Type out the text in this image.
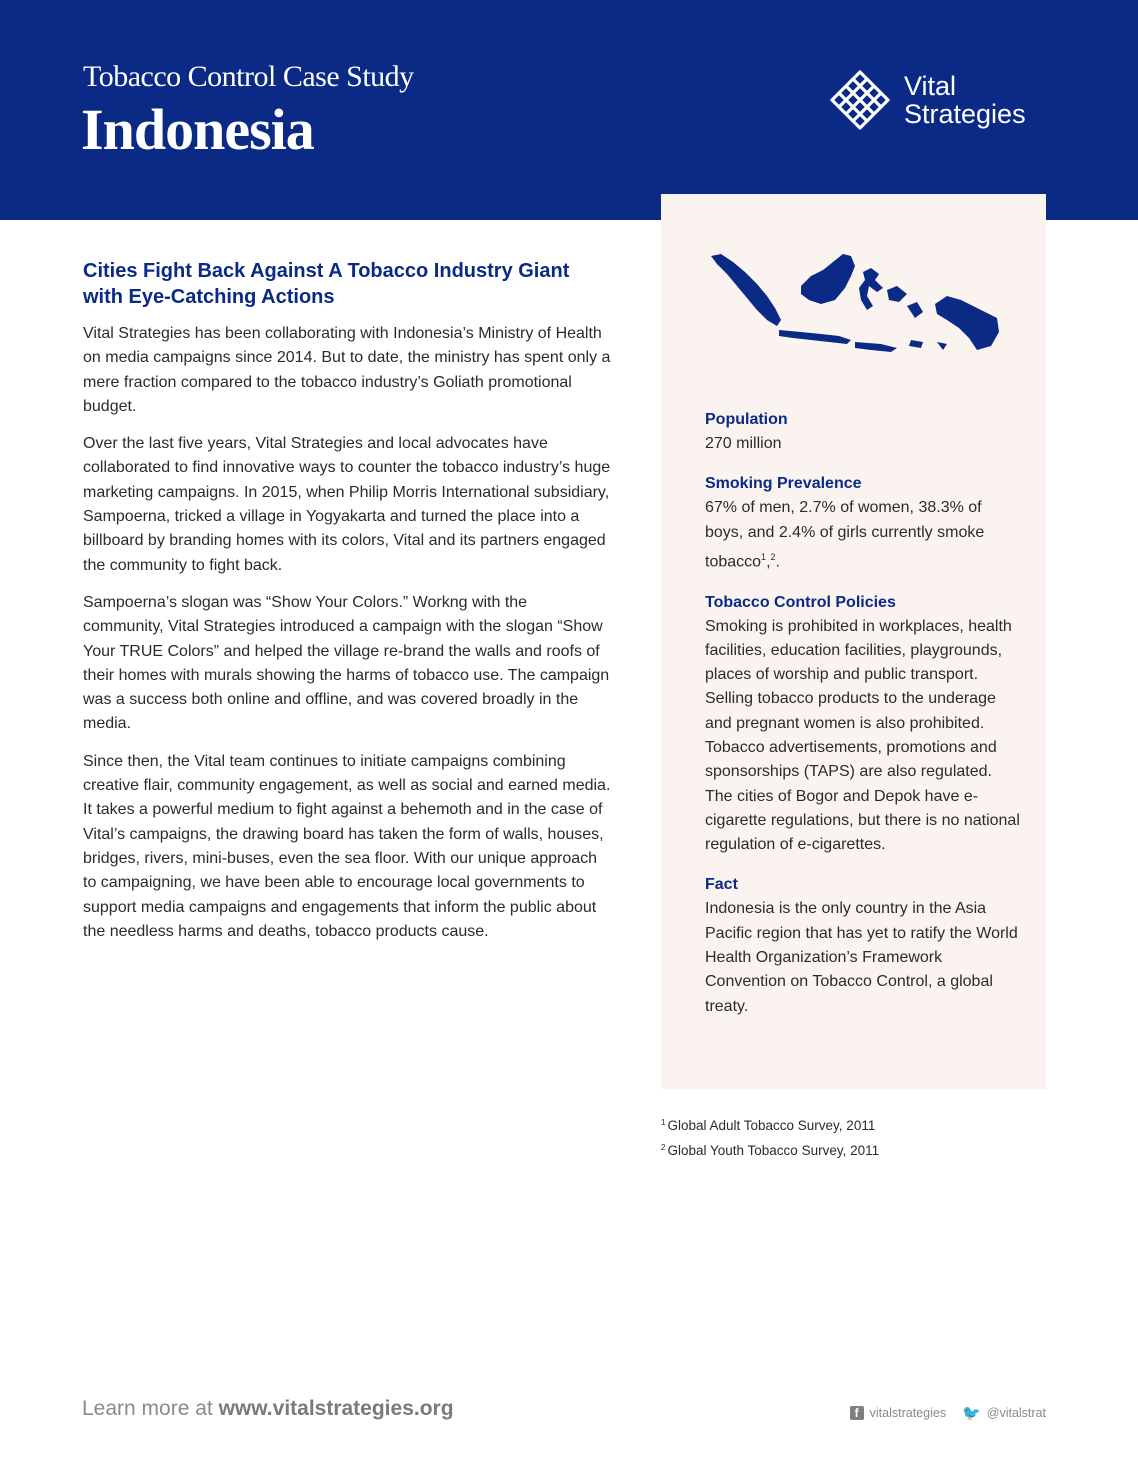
Tobacco Control Case Study
Indonesia
Vital
Strategies

Population

270 million

Smoking Prevalence

67% of men, 2.7% of women, 38.3% of boys, and 2.4% of girls currently smoke tobacco$^1$,$^2$.

Tobacco Control Policies

Smoking is prohibited in workplaces, health facilities, education facilities, playgrounds, places of worship and public transport. Selling tobacco products to the underage and pregnant women is also prohibited. Tobacco advertisements, promotions and sponsorships (TAPS) are also regulated. The cities of Bogor and Depok have e-cigarette regulations, but there is no national regulation of e-cigarettes.

Fact

Indonesia is the only country in the Asia Pacific region that has yet to ratify the World Health Organization’s Framework Convention on Tobacco Control, a global treaty.

Cities Fight Back Against A Tobacco Industry Giant with Eye-Catching Actions

Vital Strategies has been collaborating with Indonesia’s Ministry of Health on media campaigns since 2014. But to date, the ministry has spent only a mere fraction compared to the tobacco industry’s Goliath promotional budget.

Over the last five years, Vital Strategies and local advocates have collaborated to find innovative ways to counter the tobacco industry’s huge marketing campaigns. In 2015, when Philip Morris International subsidiary, Sampoerna, tricked a village in Yogyakarta and turned the place into a billboard by branding homes with its colors, Vital and its partners engaged the community to fight back.

Sampoerna’s slogan was “Show Your Colors.” Workng with the community, Vital Strategies introduced a campaign with the slogan “Show Your TRUE Colors” and helped the village re-brand the walls and roofs of their homes with murals showing the harms of tobacco use. The campaign was a success both online and offline, and was covered broadly in the media.

Since then, the Vital team continues to initiate campaigns combining creative flair, community engagement, as well as social and earned media. It takes a powerful medium to fight against a behemoth and in the case of Vital’s campaigns, the drawing board has taken the form of walls, houses, bridges, rivers, mini-buses, even the sea floor. With our unique approach to campaigning, we have been able to encourage local governments to support media campaigns and engagements that inform the public about the needless harms and deaths, tobacco products cause.

$^1$ Global Adult Tobacco Survey, 2011
$^2$ Global Youth Tobacco Survey, 2011
Learn more at www.vitalstrategies.org	f vitalstrategies 🐦 @vitalstrat
